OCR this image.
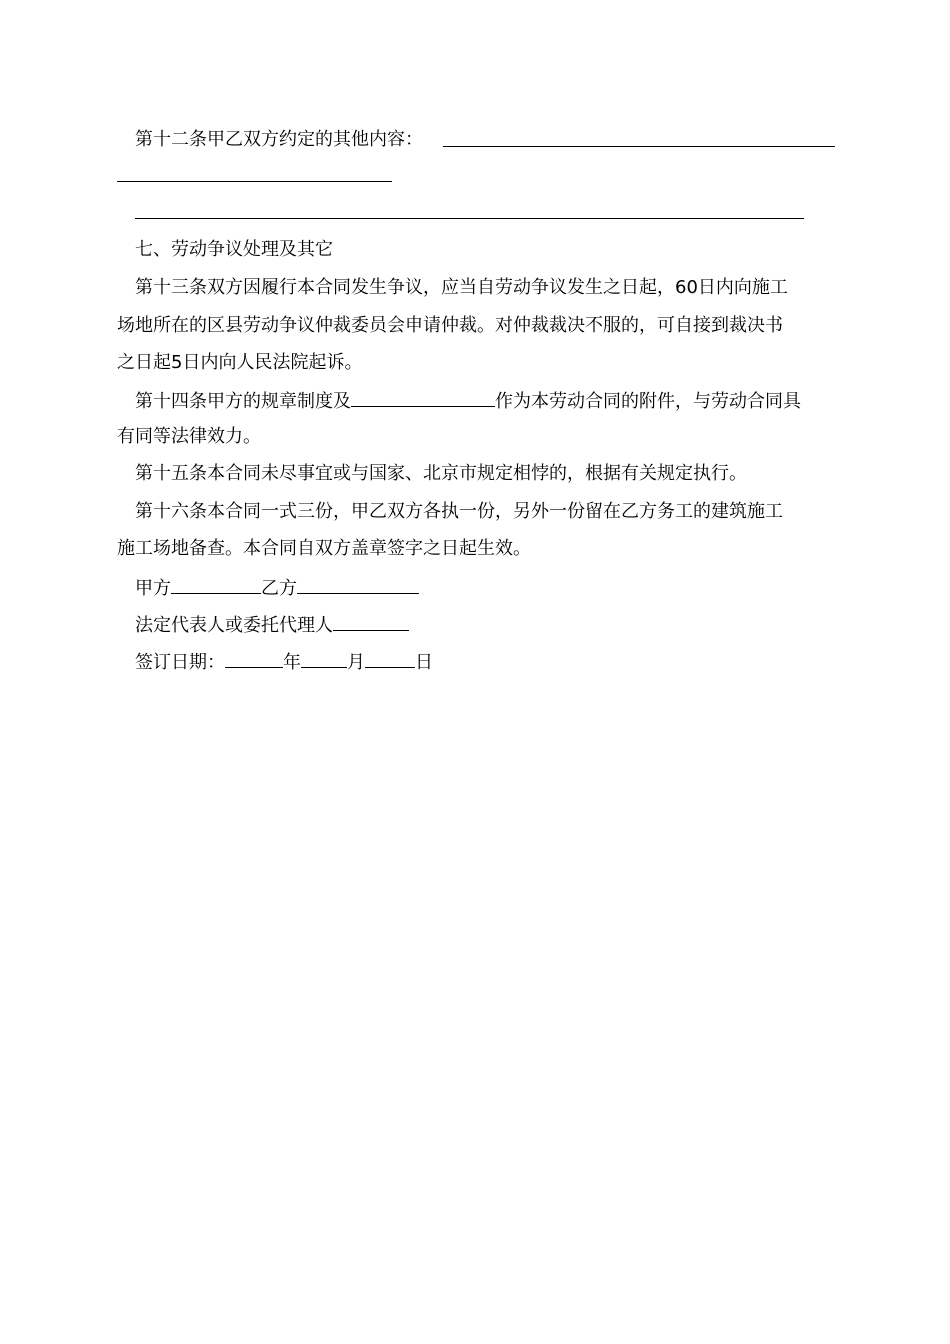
第十二条甲乙双方约定的其他内容：
七、劳动争议处理及其它
第十三条双方因履行本合同发生争议，应当自劳动争议发生之日起，60日内向施工
场地所在的区县劳动争议仲裁委员会申请仲裁。对仲裁裁决不服的，可自接到裁决书
之日起5日内向人民法院起诉。
第十四条甲方的规章制度及	作为本劳动合同的附件，与劳动合同具
有同等法律效力。
第十五条本合同未尽事宜或与国家、北京市规定相悖的，根据有关规定执行。
第十六条本合同一式三份，甲乙双方各执一份，另外一份留在乙方务工的建筑施工
施工场地备查。本合同自双方盖章签字之日起生效。
甲方	乙方
法定代表人或委托代理人
签订日期：	年	月	日
